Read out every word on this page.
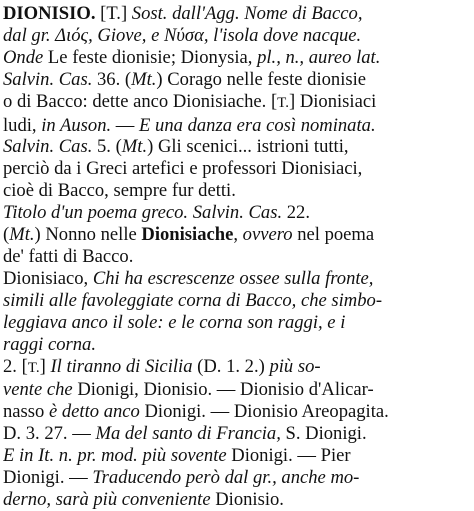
DIONISIO. [T.] Sost. dall'Agg. Nome di Bacco,
dal gr. Διός, Giove, e Νύσα, l'isola dove nacque.
Onde Le feste dionisie; Dionysia, pl., n., aureo lat.
Salvin. Cas. 36. (Mt.) Corago nelle feste dionisie
o di Bacco: dette anco Dionisiache. [T.] Dionisiaci
ludi, in Auson. — E una danza era così nominata.
Salvin. Cas. 5. (Mt.) Gli scenici... istrioni tutti,
perciò da i Greci artefici e professori Dionisiaci,
cioè di Bacco, sempre fur detti.
Titolo d'un poema greco. Salvin. Cas. 22.
(Mt.) Nonno nelle Dionisiache, ovvero nel poema
de' fatti di Bacco.
Dionisiaco, Chi ha escrescenze ossee sulla fronte,
simili alle favoleggiate corna di Bacco, che simbo-
leggiava anco il sole: e le corna son raggi, e i
raggi corna.
2. [T.] Il tiranno di Sicilia (D. 1. 2.) più so-
vente che Dionigi, Dionisio. — Dionisio d'Alicar-
nasso è detto anco Dionigi. — Dionisio Areopagita.
D. 3. 27. — Ma del santo di Francia, S. Dionigi.
E in It. n. pr. mod. più sovente Dionigi. — Pier
Dionigi. — Traducendo però dal gr., anche mo-
derno, sarà più conveniente Dionisio.
